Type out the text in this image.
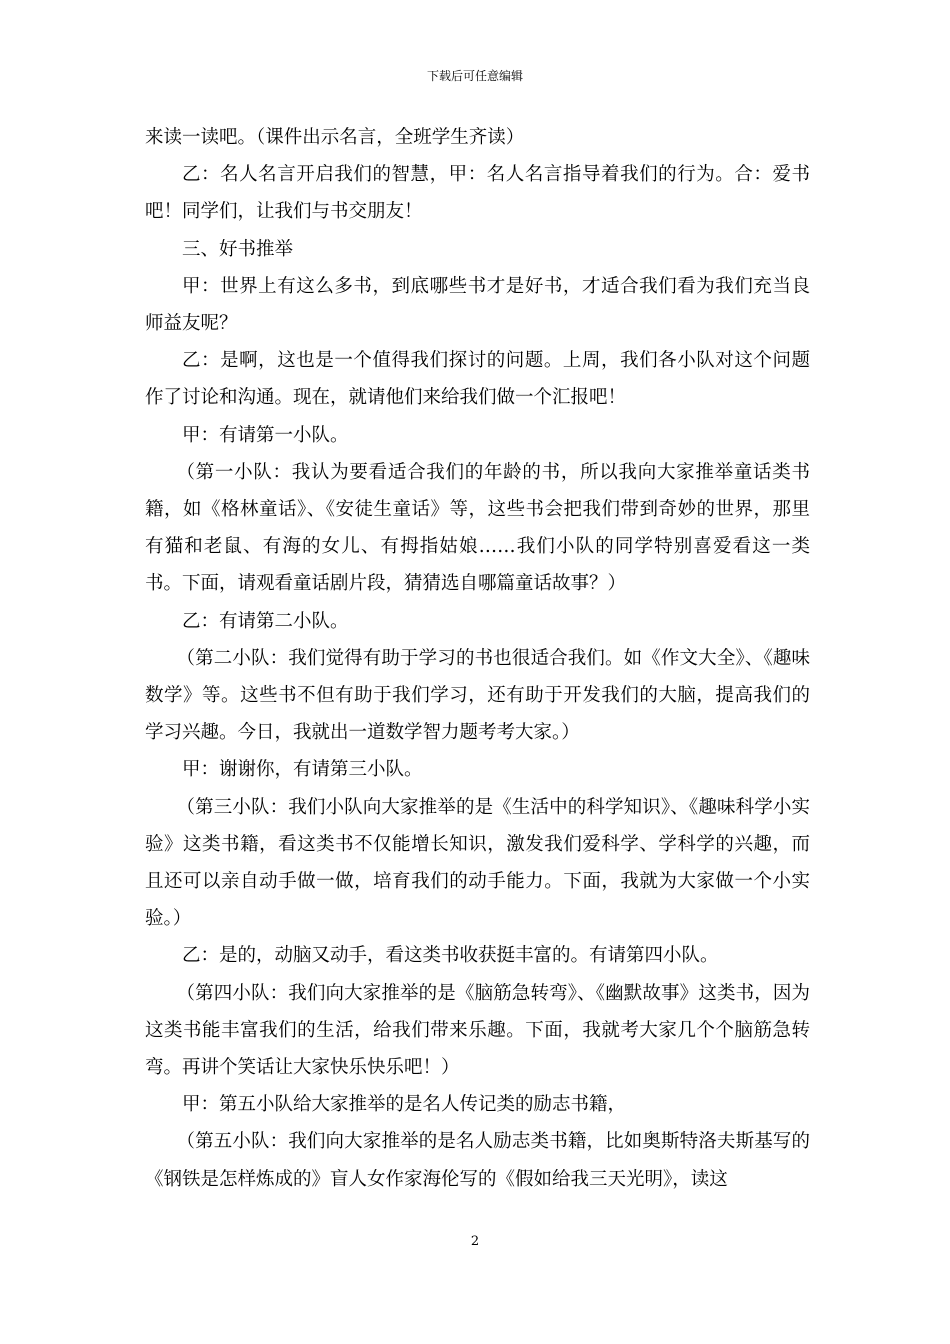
下载后可任意编辑

来读一读吧。（课件出示名言，全班学生齐读）

乙：名人名言开启我们的智慧，甲：名人名言指导着我们的行为。合：爱书吧！同学们，让我们与书交朋友！

三、好书推举

甲：世界上有这么多书，到底哪些书才是好书，才适合我们看为我们充当良师益友呢？

乙：是啊，这也是一个值得我们探讨的问题。上周，我们各小队对这个问题作了讨论和沟通。现在，就请他们来给我们做一个汇报吧！

甲：有请第一小队。

（第一小队：我认为要看适合我们的年龄的书，所以我向大家推举童话类书籍，如《格林童话》、《安徒生童话》等，这些书会把我们带到奇妙的世界，那里有猫和老鼠、有海的女儿、有拇指姑娘……我们小队的同学特别喜爱看这一类书。下面，请观看童话剧片段，猜猜选自哪篇童话故事？）

乙：有请第二小队。

（第二小队：我们觉得有助于学习的书也很适合我们。如《作文大全》、《趣味数学》等。这些书不但有助于我们学习，还有助于开发我们的大脑，提高我们的学习兴趣。今日，我就出一道数学智力题考考大家。）

甲：谢谢你，有请第三小队。

（第三小队：我们小队向大家推举的是《生活中的科学知识》、《趣味科学小实验》这类书籍，看这类书不仅能增长知识，激发我们爱科学、学科学的兴趣，而且还可以亲自动手做一做，培育我们的动手能力。下面，我就为大家做一个小实验。）

乙：是的，动脑又动手，看这类书收获挺丰富的。有请第四小队。

（第四小队：我们向大家推举的是《脑筋急转弯》、《幽默故事》这类书，因为这类书能丰富我们的生活，给我们带来乐趣。下面，我就考大家几个个脑筋急转弯。再讲个笑话让大家快乐快乐吧！）

甲：第五小队给大家推举的是名人传记类的励志书籍，

（第五小队：我们向大家推举的是名人励志类书籍，比如奥斯特洛夫斯基写的《钢铁是怎样炼成的》盲人女作家海伦写的《假如给我三天光明》，读这

2
